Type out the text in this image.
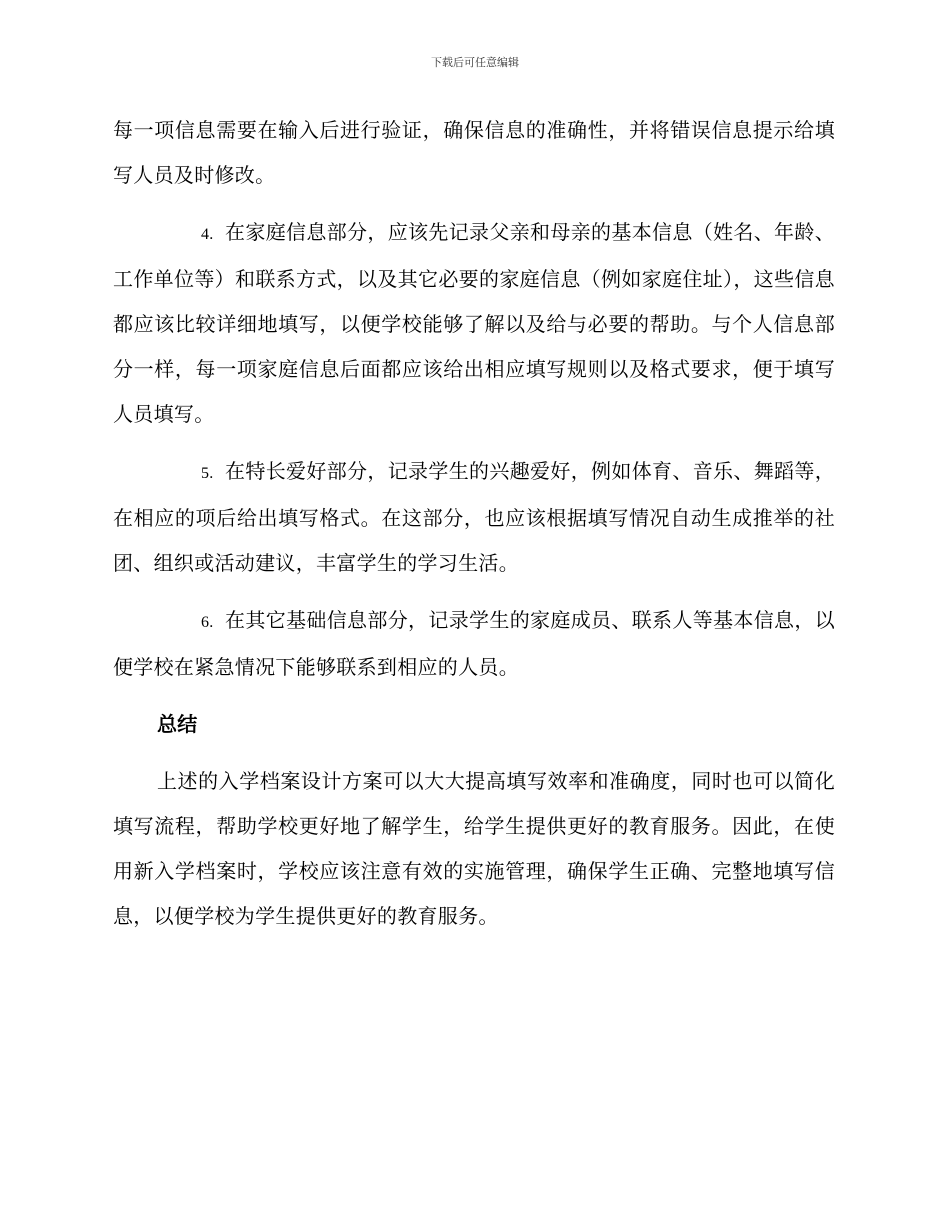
下载后可任意编辑

每一项信息需要在输入后进行验证，确保信息的准确性，并将错误信息提示给填写人员及时修改。

4. 在家庭信息部分，应该先记录父亲和母亲的基本信息（姓名、年龄、工作单位等）和联系方式，以及其它必要的家庭信息（例如家庭住址），这些信息都应该比较详细地填写，以便学校能够了解以及给与必要的帮助。与个人信息部分一样，每一项家庭信息后面都应该给出相应填写规则以及格式要求，便于填写人员填写。

5. 在特长爱好部分，记录学生的兴趣爱好，例如体育、音乐、舞蹈等，在相应的项后给出填写格式。在这部分，也应该根据填写情况自动生成推举的社团、组织或活动建议，丰富学生的学习生活。

6. 在其它基础信息部分，记录学生的家庭成员、联系人等基本信息，以便学校在紧急情况下能够联系到相应的人员。

总结

上述的入学档案设计方案可以大大提高填写效率和准确度，同时也可以简化填写流程，帮助学校更好地了解学生，给学生提供更好的教育服务。因此，在使用新入学档案时，学校应该注意有效的实施管理，确保学生正确、完整地填写信息，以便学校为学生提供更好的教育服务。
